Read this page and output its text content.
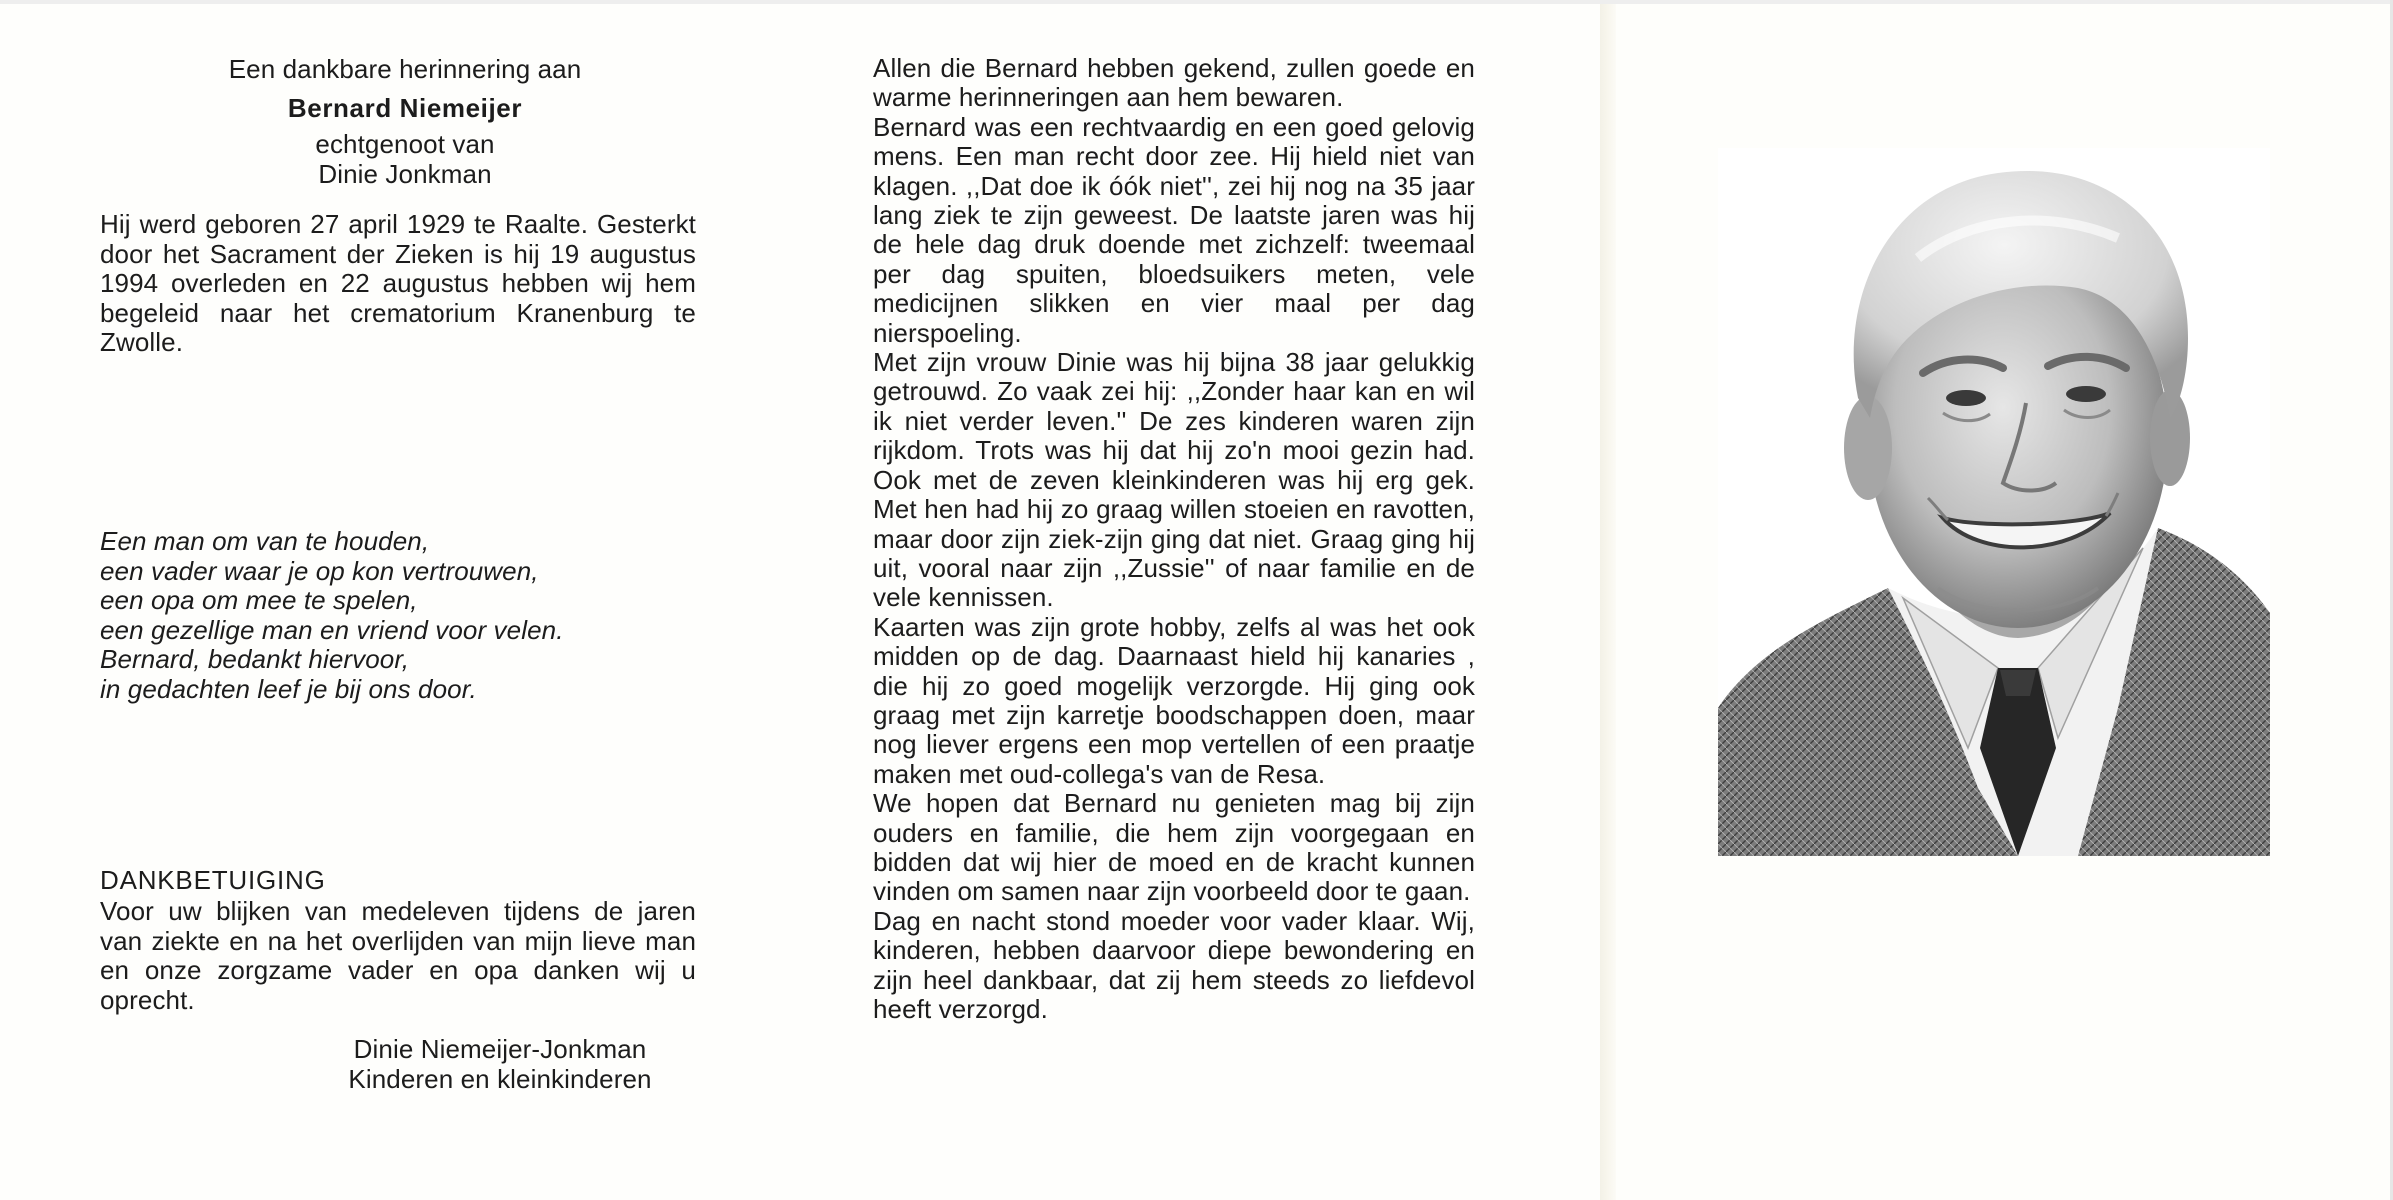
Een dankbare herinnering aan
Bernard Niemeijer
echtgenoot van
Dinie Jonkman
Hij werd geboren 27 april 1929 te Raalte. Gesterkt door het Sacrament der Zieken is hij 19 augustus 1994 overleden en 22 augustus hebben wij hem begeleid naar het crematorium Kranenburg te Zwolle.
Een man om van te houden,
een vader waar je op kon vertrouwen,
een opa om mee te spelen,
een gezellige man en vriend voor velen.
Bernard, bedankt hiervoor,
in gedachten leef je bij ons door.
DANKBETUIGING
Voor uw blijken van medeleven tijdens de jaren van ziekte en na het overlijden van mijn lieve man en onze zorgzame vader en opa danken wij u oprecht.
Dinie Niemeijer-Jonkman
Kinderen en kleinkinderen

Allen die Bernard hebben gekend, zullen goede en warme herinneringen aan hem bewaren.

Bernard was een rechtvaardig en een goed gelovig mens. Een man recht door zee. Hij hield niet van klagen. ,,Dat doe ik óók niet'', zei hij nog na 35 jaar lang ziek te zijn geweest. De laatste jaren was hij de hele dag druk doende met zichzelf: tweemaal per dag spuiten, bloedsuikers meten, vele medicijnen slikken en vier maal per dag nierspoeling.

Met zijn vrouw Dinie was hij bijna 38 jaar gelukkig getrouwd. Zo vaak zei hij: ,,Zonder haar kan en wil ik niet verder leven.'' De zes kinderen waren zijn rijkdom. Trots was hij dat hij zo'n mooi gezin had. Ook met de zeven kleinkinderen was hij erg gek. Met hen had hij zo graag willen stoeien en ravotten, maar door zijn ziek-zijn ging dat niet. Graag ging hij uit, vooral naar zijn ,,Zussie'' of naar familie en de vele kennissen.

Kaarten was zijn grote hobby, zelfs al was het ook midden op de dag. Daarnaast hield hij kanaries , die hij zo goed mogelijk verzorgde. Hij ging ook graag met zijn karretje boodschappen doen, maar nog liever ergens een mop vertellen of een praatje maken met oud-collega's van de Resa.

We hopen dat Bernard nu genieten mag bij zijn ouders en familie, die hem zijn voorgegaan en bidden dat wij hier de moed en de kracht kunnen vinden om samen naar zijn voorbeeld door te gaan.

Dag en nacht stond moeder voor vader klaar. Wij, kinderen, hebben daarvoor diepe bewondering en zijn heel dankbaar, dat zij hem steeds zo liefdevol heeft verzorgd.
